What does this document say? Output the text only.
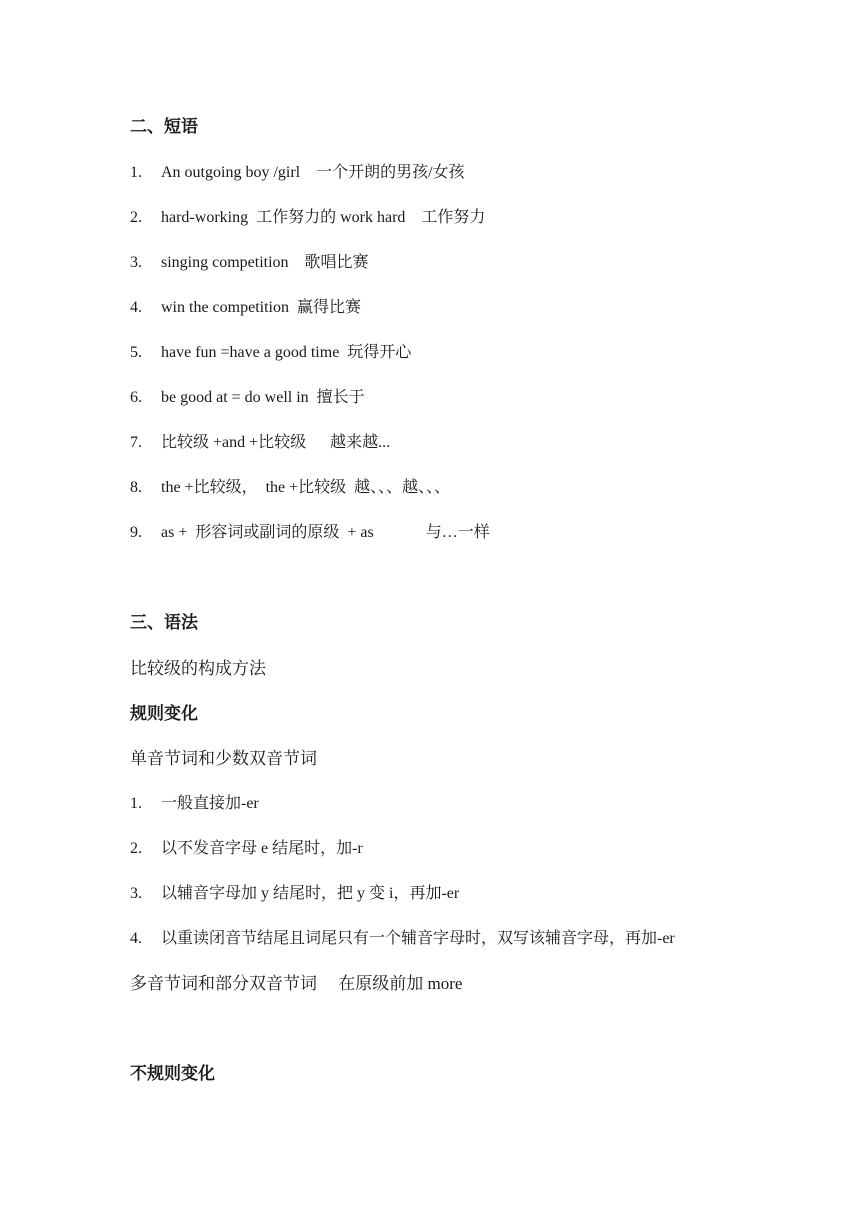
二、短语
1. An outgoing boy /girl    一个开朗的男孩/女孩
2. hard-working  工作努力的 work hard    工作努力
3. singing competition    歌唱比赛
4. win the competition  赢得比赛
5. have fun =have a good time  玩得开心
6. be good at = do well in  擅长于
7. 比较级 +and +比较级      越来越...
8. the +比较级，  the +比较级  越、、、越、、、
9. as +  形容词或副词的原级  + as             与…一样
三、语法
比较级的构成方法
规则变化
单音节词和少数双音节词
1. 一般直接加-er
2. 以不发音字母 e 结尾时，加-r
3. 以辅音字母加 y 结尾时，把 y 变 i，再加-er
4. 以重读闭音节结尾且词尾只有一个辅音字母时，双写该辅音字母，再加-er
多音节词和部分双音节词     在原级前加 more
不规则变化
